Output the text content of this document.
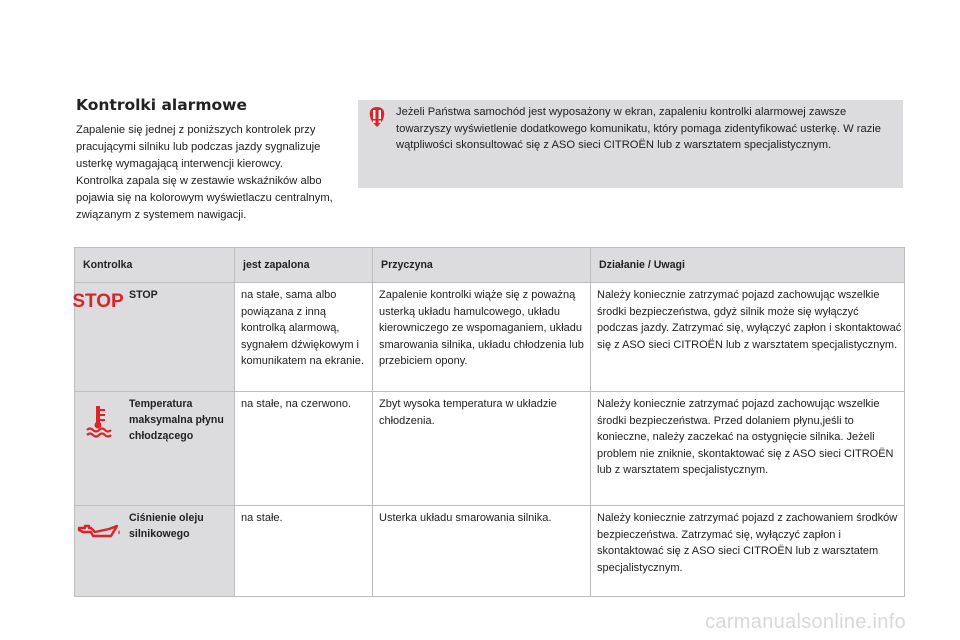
Kontrolki alarmowe

Zapalenie się jednej z poniższych kontrolek przy pracującymi silniku lub podczas jazdy sygnalizuje usterkę wymagającą interwencji kierowcy.

Kontrolka zapala się w zestawie wskaźników albo pojawia się na kolorowym wyświetlaczu centralnym, związanym z systemem nawigacji.

Jeżeli Państwa samochód jest wyposażony w ekran, zapaleniu kontrolki alarmowej zawsze towarzyszy wyświetlenie dodatkowego komunikatu, który pomaga zidentyfikować usterkę. W razie wątpliwości skonsultować się z ASO sieci CITROËN lub z warsztatem specjalistycznym.
Kontrolka	jest zapalona	Przyczyna	Działanie / Uwagi

STOP STOP	na stałe, sama albo powiązana z inną kontrolką alarmową, sygnałem dźwiękowym i komunikatem na ekranie.	Zapalenie kontrolki wiąże się z poważną usterką układu hamulcowego, układu kierowniczego ze wspomaganiem, układu smarowania silnika, układu chłodzenia lub przebiciem opony.	Należy koniecznie zatrzymać pojazd zachowując wszelkie środki bezpieczeństwa, gdyż silnik może się wyłączyć podczas jazdy. Zatrzymać się, wyłączyć zapłon i skontaktować się z ASO sieci CITROËN lub z warsztatem specjalistycznym.

Temperatura maksymalna płynu chłodzącego	na stałe, na czerwono.	Zbyt wysoka temperatura w układzie chłodzenia.	Należy koniecznie zatrzymać pojazd zachowując wszelkie środki bezpieczeństwa. Przed dolaniem płynu,jeśli to konieczne, należy zaczekać na ostygnięcie silnika. Jeżeli problem nie zniknie, skontaktować się z ASO sieci CITROËN lub z warsztatem specjalistycznym.

Ciśnienie oleju silnikowego	na stałe.	Usterka układu smarowania silnika.	Należy koniecznie zatrzymać pojazd z zachowaniem środków bezpieczeństwa. Zatrzymać się, wyłączyć zapłon i skontaktować się z ASO sieci CITROËN lub z warsztatem specjalistycznym.
carmanualsonline.info
